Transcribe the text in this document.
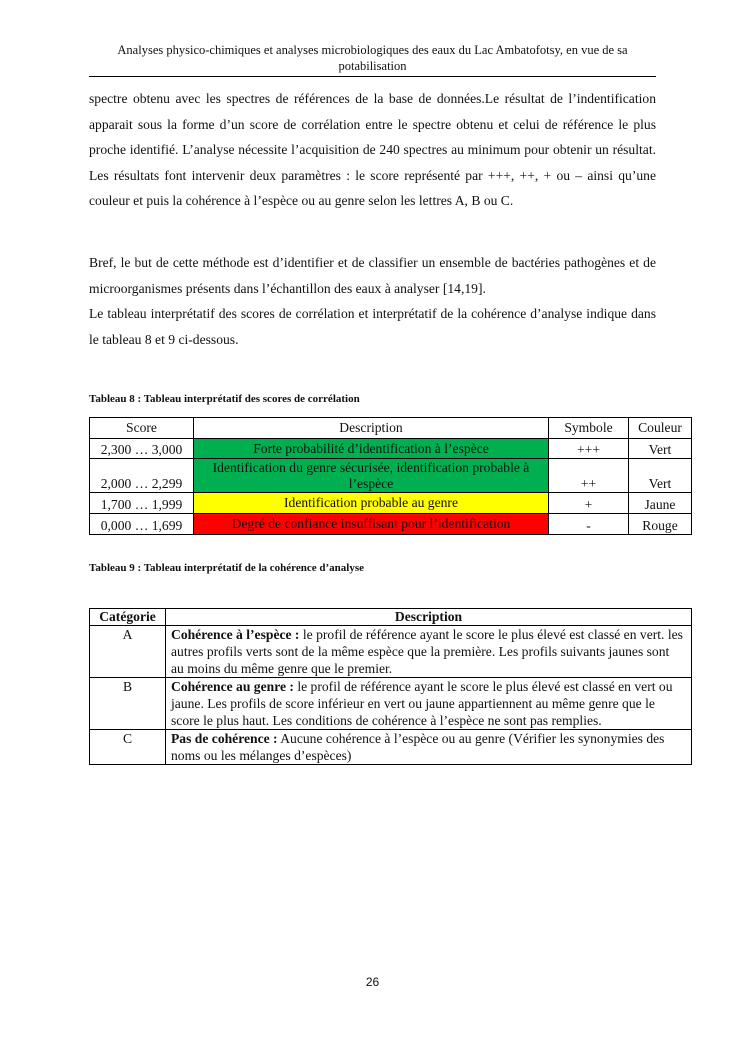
Analyses physico-chimiques et analyses microbiologiques des eaux du Lac Ambatofotsy, en vue de sa
potabilisation

spectre obtenu avec les spectres de références de la base de données.Le résultat de l’indentification apparait sous la forme d’un score de corrélation entre le spectre obtenu et celui de référence le plus proche identifié. L’analyse nécessite l’acquisition de 240 spectres au minimum pour obtenir un résultat. Les résultats font intervenir deux paramètres : le score représenté par +++, ++, + ou – ainsi qu’une couleur et puis la cohérence à l’espèce ou au genre selon les lettres A, B ou C.

Bref, le but de cette méthode est d’identifier et de classifier un ensemble de bactéries pathogènes et de microorganismes présents dans l’échantillon des eaux à analyser [14,19].

Le tableau interprétatif des scores de corrélation et interprétatif de la cohérence d’analyse indique dans le tableau 8 et 9 ci-dessous.

Tableau 8 : Tableau interprétatif des scores de corrélation
Score	Description	Symbole	Couleur
2,300 … 3,000	Forte probabilité d’identification à l’espèce	+++	Vert
2,000 … 2,299	Identification du genre sécurisée, identification probable à l’espèce	++	Vert
1,700 … 1,999	Identification probable au genre	+	Jaune
0,000 … 1,699	Degré de confiance insuffisant pour l’identification	-	Rouge
Tableau 9 : Tableau interprétatif de la cohérence d’analyse
Catégorie	Description
A	Cohérence à l’espèce : le profil de référence ayant le score le plus élevé est classé en vert. les autres profils verts sont de la même espèce que la première. Les profils suivants jaunes sont au moins du même genre que le premier.
B	Cohérence au genre : le profil de référence ayant le score le plus élevé est classé en vert ou jaune. Les profils de score inférieur en vert ou jaune appartiennent au même genre que le score le plus haut. Les conditions de cohérence à l’espèce ne sont pas remplies.
C	Pas de cohérence : Aucune cohérence à l’espèce ou au genre (Vérifier les synonymies des noms ou les mélanges d’espèces)
26
